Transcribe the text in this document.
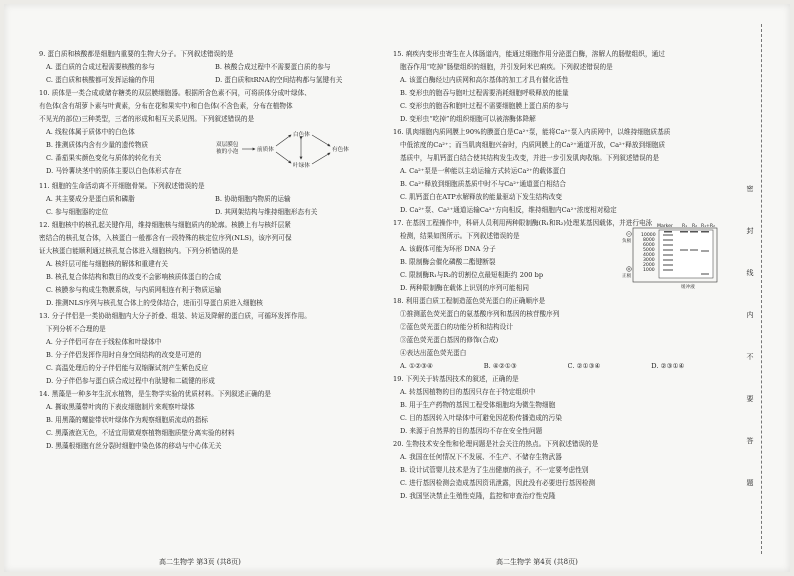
9. 蛋白质和核酸都是细胞内重要的生物大分子。下列叙述错误的是
A. 蛋白质的合成过程需要核酸的参与	B. 核酸合成过程中不需要蛋白质的参与
C. 蛋白质和核酸都可发挥运输的作用	D. 蛋白质和tRNA的空间结构都与氢键有关
10. 质体是一类合成或储存糖类的双层膜细胞器。根据所含色素不同，可将质体分成叶绿体、
有色体(含有胡萝卜素与叶黄素，分布在花和果实中)和白色体(不含色素，分布在植物体
不见光的部位)三种类型，三者的形成和相互关系见图。下列叙述错误的是
A. 线粒体属于质体中的白色体
B. 推测质体内含有少量的遗传物质
C. 番茄果实颜色变化与质体的转化有关
D. 马铃薯块茎中的质体主要以白色体形式存在
双层膜包
被的小泡	前质体
白色体
叶绿体
有色体
11. 细胞的生命活动离不开细胞骨架。下列叙述错误的是
A. 其主要成分是蛋白质和磷脂	B. 协助细胞内物质的运输
C. 参与细胞器的定位	D. 其网架结构与维持细胞形态有关
12. 细胞核中的核孔起关键作用，维持细胞核与细胞质内的轮廓。核膜上有与核纤层紧
密结合的核孔复合体，入核蛋白一般都含有一段特殊的核定位序列(NLS)，该序列可保
证大核蛋白能顺利通过核孔复合体进入细胞核内。下列分析错误的是
A. 核纤层可能与细胞核的解体和重建有关
B. 核孔复合体结构和数目的改变不会影响核质体蛋白的合成
C. 核膜参与构成生物膜系统，与内质网相连有利于物质运输
D. 推测NLS序列与核孔复合体上的受体结合，进而引导蛋白质进入细胞核
13. 分子伴侣是一类协助细胞内大分子折叠、组装、转运及降解的蛋白质，可循环发挥作用。
下列分析不合理的是
A. 分子伴侣可存在于线粒体和叶绿体中
B. 分子伴侣发挥作用时自身空间结构的改变是可逆的
C. 高温处理后的分子伴侣能与双缩脲试剂产生紫色反应
D. 分子伴侣参与蛋白质合成过程中有肽键和二硫键的形成
14. 黑藻是一种多年生沉水植物，是生物学实验的优质材料。下列叙述正确的是
A. 撕取黑藻带叶肉的下表皮细胞制片来观察叶绿体
B. 用黑藻的螺旋带状叶绿体作为观察细胞质流动的指标
C. 黑藻液泡无色，不适宜用做观察植物细胞质壁分离实验的材料
D. 黑藻根细胞有丝分裂时细胞中染色体的移动与中心体无关
15. 痢疾内变形虫寄生在人体肠道内，能通过细胞作用分泌蛋白酶，溶解人的肠壁组织，通过
胞吞作用“吃掉”肠壁组织的细胞，并引发阿米巴痢疾。下列叙述错误的是
A. 该蛋白酶经过内质网和高尔基体的加工才具有催化活性
B. 变形虫的胞吞与胞吐过程需要消耗细胞呼吸释放的能量
C. 变形虫的胞吞和胞吐过程不需要细胞膜上蛋白质的参与
D. 变形虫“吃掉”的组织细胞可以被溶酶体降解
16. 肌肉细胞内质网膜上90%的膜蛋白是Ca²⁺泵，能将Ca²⁺泵入内质网中，以维持细胞质基质
中低浓度的Ca²⁺；而当肌肉细胞兴奋时，内质网膜上的Ca²⁺通道开放，Ca²⁺释放到细胞质
基质中，与肌钙蛋白结合使其结构发生改变，并进一步引发肌肉收缩。下列叙述错误的是
A. Ca²⁺泵是一种能以主动运输方式转运Ca²⁺的载体蛋白
B. Ca²⁺释放到细胞质基质中时不与Ca²⁺通道蛋白相结合
C. 肌钙蛋白在ATP水解释放的能量驱动下发生结构改变
D. Ca²⁺泵、Ca²⁺通道运输Ca²⁺方向相反，维持细胞内Ca²⁺浓度相对稳定
17. 在基因工程操作中，科研人员利用两种限制酶(R₁和R₂)处理某基因载体，并进行电泳
检测，结果如图所示。下列叙述错误的是
A. 该载体可能为环形 DNA 分子
B. 限制酶会催化磷酸二酯键断裂
C. 限制酶R₁与R₂的切割位点最短相距约 200 bp
D. 两种限制酶在载体上识别的序列可能相同
负极
正极
Marker R₁ R₂ R₁+R₂
10000
8000
6000
5000
4000
3000
2000
1000
缓冲液
18. 利用蛋白质工程制造蓝色荧光蛋白的正确顺序是
①推测蓝色荧光蛋白的氨基酸序列和基因的核苷酸序列
②蓝色荧光蛋白的功能分析和结构设计
③蓝色荧光蛋白基因的修饰(合成)
④表达出蓝色荧光蛋白
A. ①②③④	B. ④②①③	C. ②①③④	D. ②③①④
19. 下列关于转基因技术的叙述，正确的是
A. 转基因植物的目的基因只存在于特定组织中
B. 用于生产药物的基因工程受体细胞均为微生物细胞
C. 目的基因转入叶绿体中可避免因花粉传播造成的污染
D. 来源于自然界的目的基因均不存在安全性问题
20. 生物技术安全性和伦理问题是社会关注的热点。下列叙述错误的是
A. 我国在任何情况下不发展、不生产、不储存生物武器
B. 设计试管婴儿技术是为了生出健康的孩子，不一定要考虑性别
C. 进行基因检测会造成基因资讯泄露，因此没有必要进行基因检测
D. 我国坚决禁止生殖性克隆，监控和审查治疗性克隆
高二生物学 第3页 (共8页)	高二生物学 第4页 (共8页)
密
封
线
内
不
要
答
题
